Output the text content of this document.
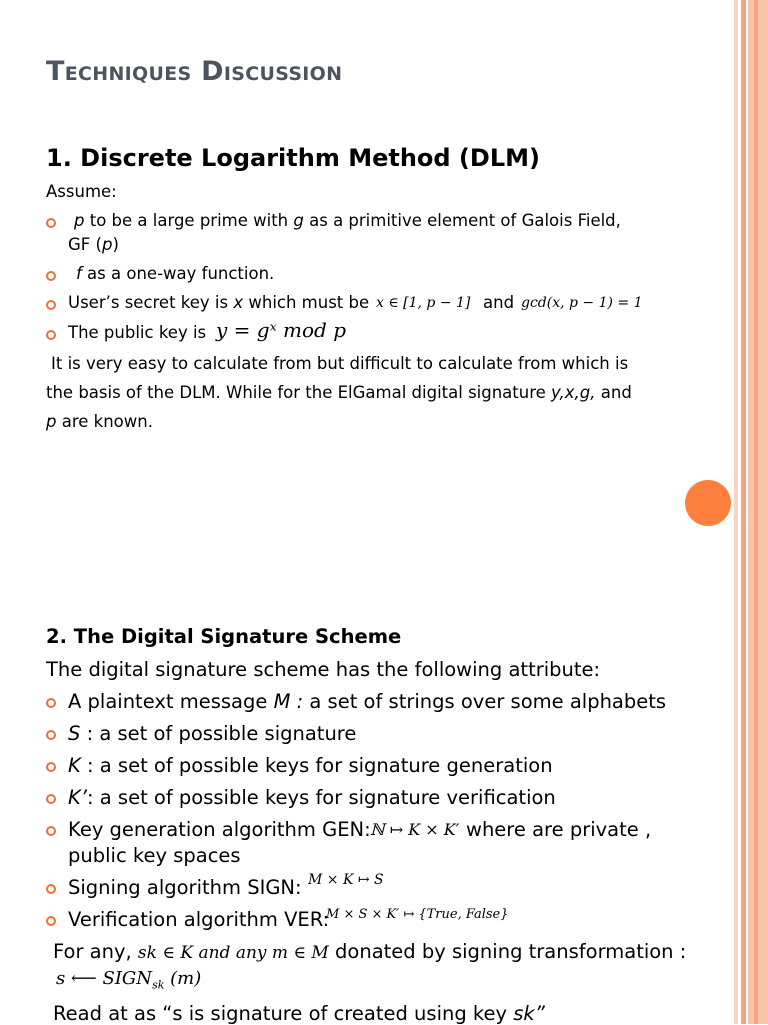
Techniques Discussion
1. Discrete Logarithm Method (DLM)
Assume:
p to be a large prime with g as a primitive element of Galois Field,
GF (p)
f as a one-way function.
User’s secret key is x which must be x ∈ [1, p − 1] and gcd(x, p − 1) = 1
The public key is y = gˣ mod p
It is very easy to calculate from but difficult to calculate from which is
the basis of the DLM. While for the ElGamal digital signature y,x,g, and
p are known.
2. The Digital Signature Scheme
The digital signature scheme has the following attribute:
A plaintext message M : a set of strings over some alphabets
S : a set of possible signature
K : a set of possible keys for signature generation
K’: a set of possible keys for signature verification
Key generation algorithm GEN: ℕ ↦ K × K′ where are private ,
public key spaces
Signing algorithm SIGN: M × K ↦ S
Verification algorithm VER:
M × S × K′ ↦ {True, False}
For any, sk ∈ K and any m ∈ M donated by signing transformation :
s ⟵ $SIGN_{sk}$ (m)
Read at as “s is signature of created using key sk”
